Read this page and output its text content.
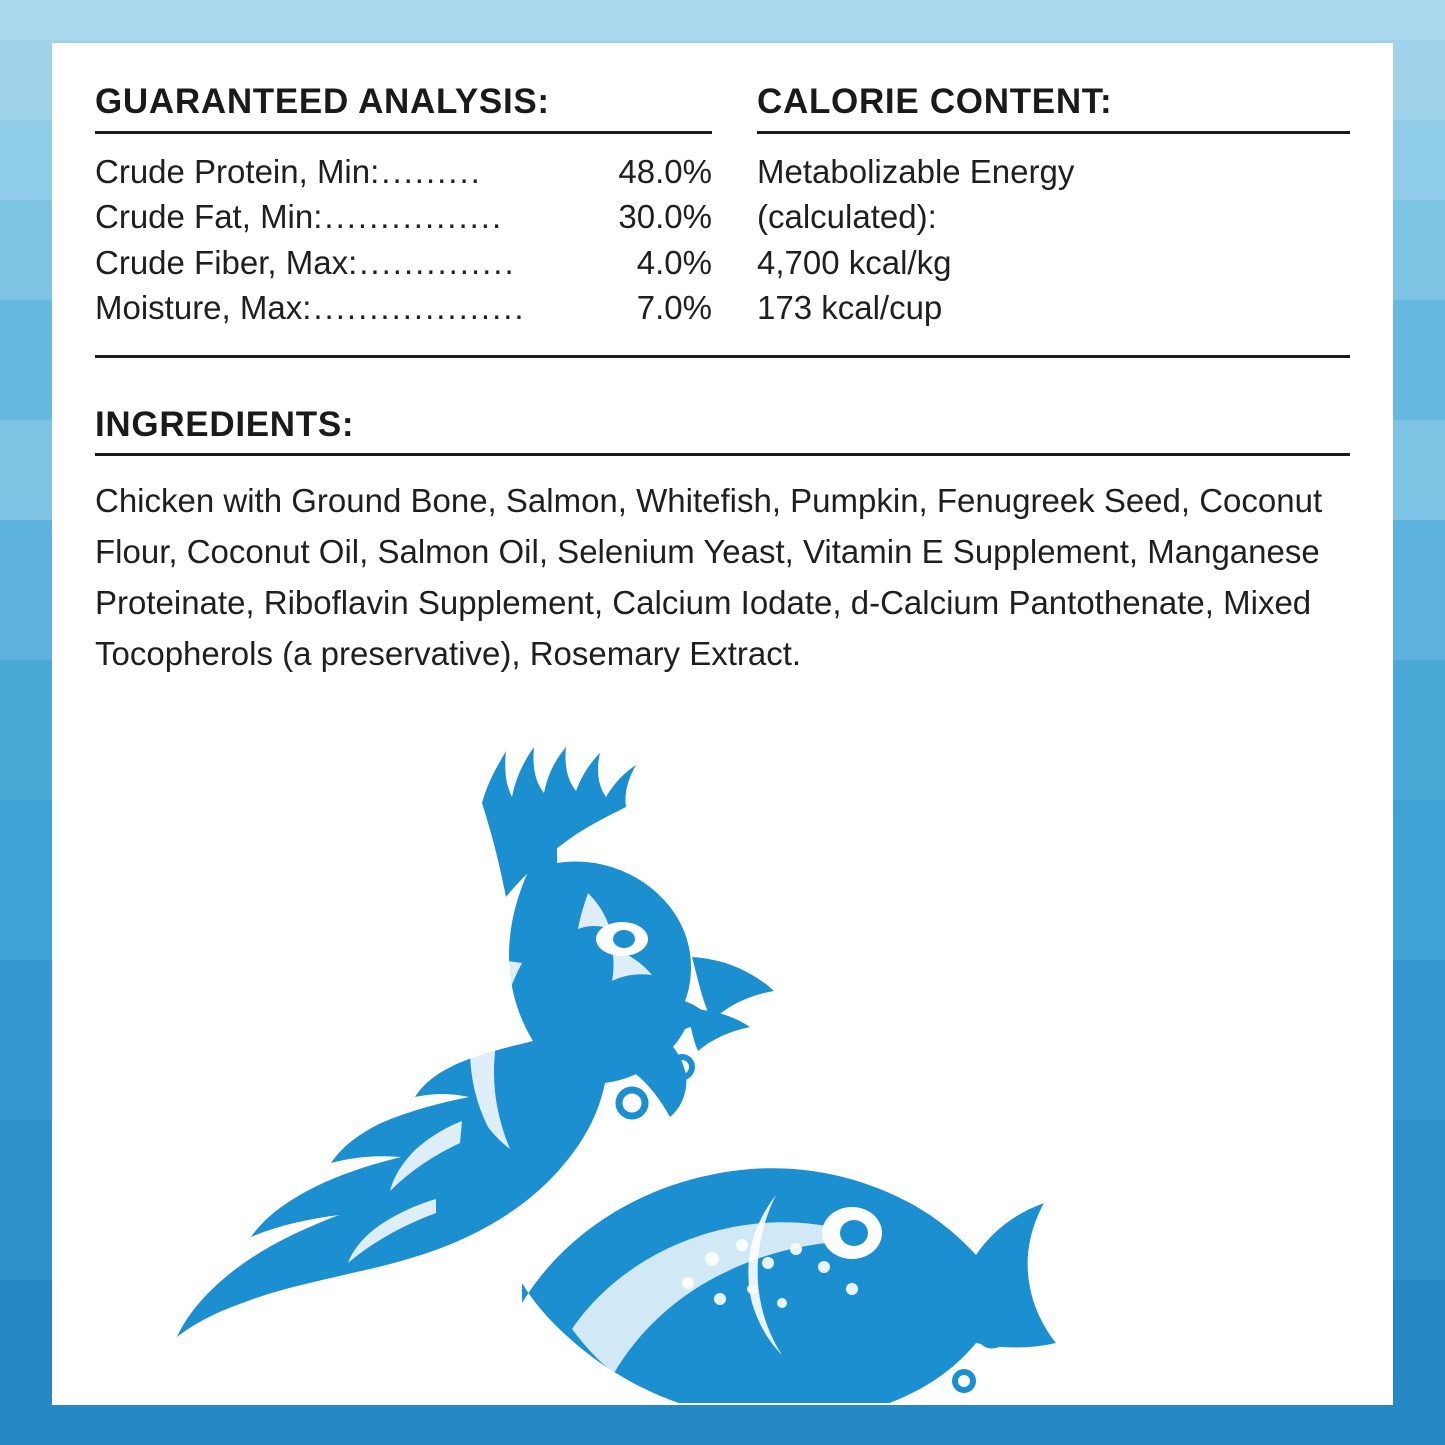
GUARANTEED ANALYSIS:
Crude Protein, Min: .........	48.0%
Crude Fat, Min: ................	30.0%
Crude Fiber, Max: ..............	4.0%
Moisture, Max: ...................	7.0%
CALORIE CONTENT:
Metabolizable Energy
(calculated):
4,700 kcal/kg
173 kcal/cup
INGREDIENTS:
Chicken with Ground Bone, Salmon, Whitefish, Pumpkin, Fenugreek Seed, Coconut Flour, Coconut Oil, Salmon Oil, Selenium Yeast, Vitamin E Supplement, Manganese Proteinate, Riboflavin Supplement, Calcium Iodate, d-Calcium Pantothenate, Mixed Tocopherols (a preservative), Rosemary Extract.
